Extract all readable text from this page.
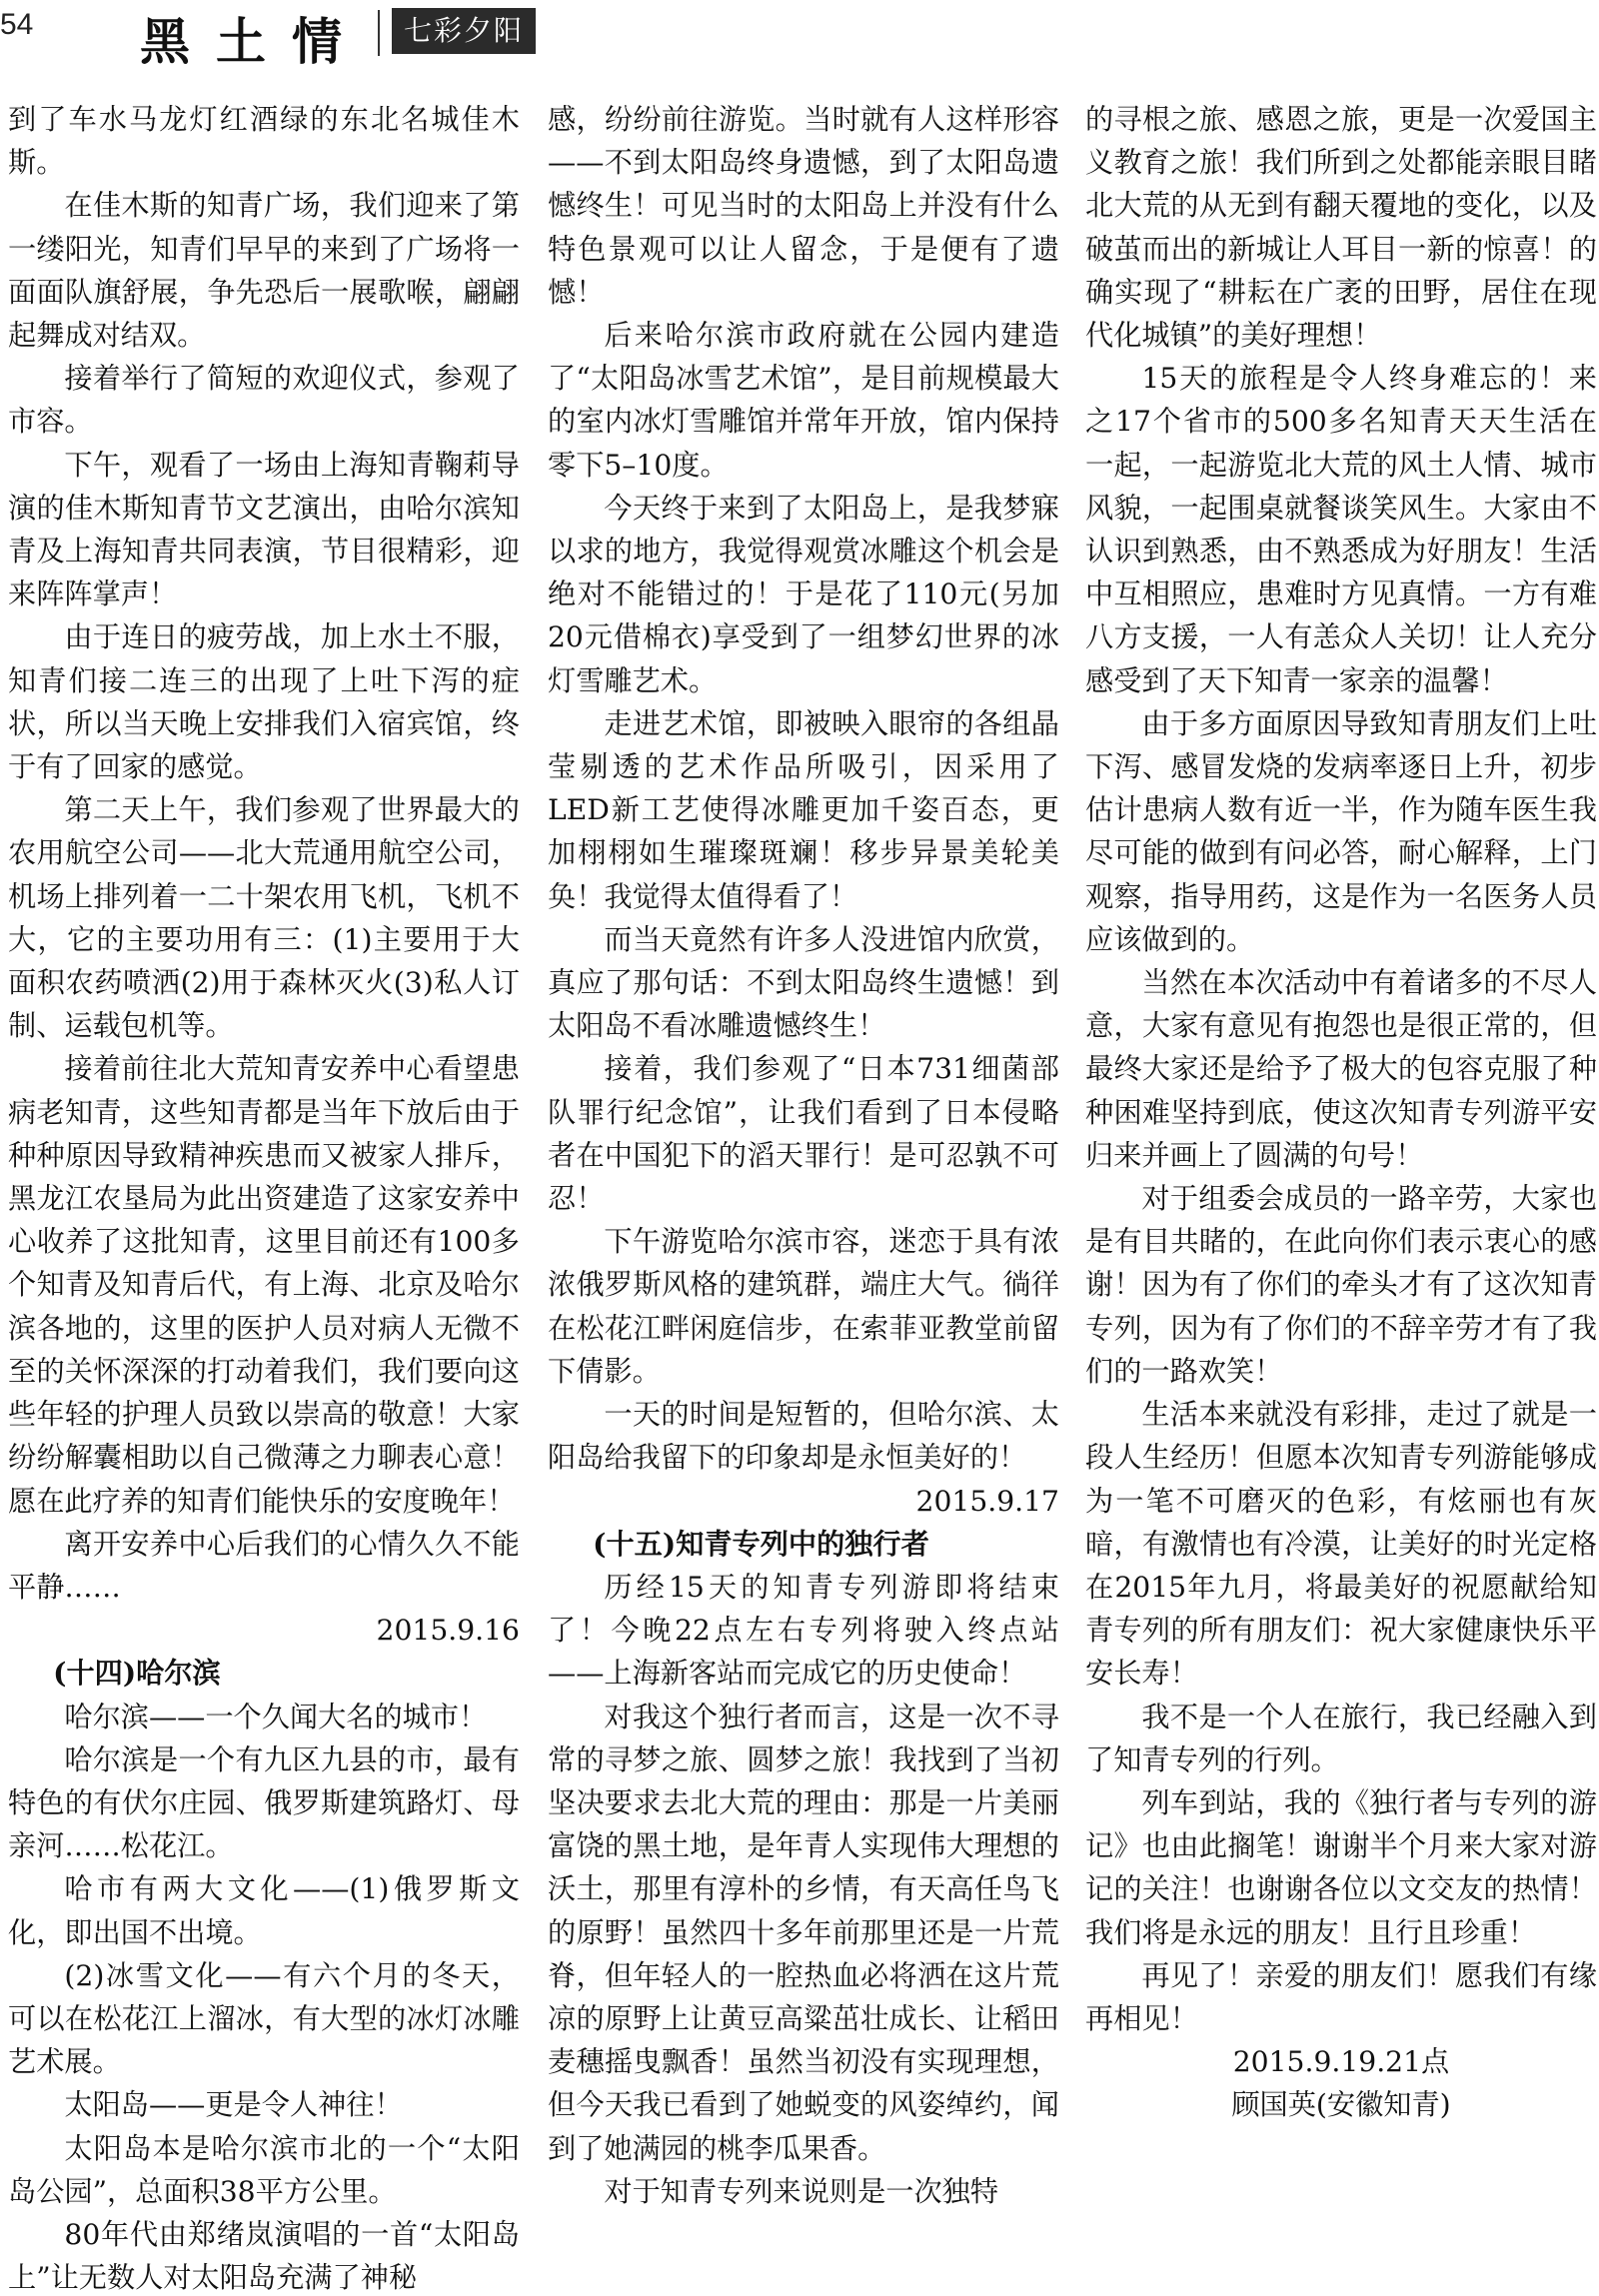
54 黑土情	七彩夕阳

到了车水马龙灯红酒绿的东北名城佳木斯。

在佳木斯的知青广场，我们迎来了第一缕阳光，知青们早早的来到了广场将一面面队旗舒展，争先恐后一展歌喉，翩翩起舞成对结双。

接着举行了简短的欢迎仪式，参观了市容。

下午，观看了一场由上海知青鞠莉导演的佳木斯知青节文艺演出，由哈尔滨知青及上海知青共同表演，节目很精彩，迎来阵阵掌声！

由于连日的疲劳战，加上水土不服，知青们接二连三的出现了上吐下泻的症状，所以当天晚上安排我们入宿宾馆，终于有了回家的感觉。

第二天上午，我们参观了世界最大的农用航空公司——北大荒通用航空公司，机场上排列着一二十架农用飞机，飞机不大，它的主要功用有三：(1)主要用于大面积农药喷洒(2)用于森林灭火(3)私人订制、运载包机等。

接着前往北大荒知青安养中心看望患病老知青，这些知青都是当年下放后由于种种原因导致精神疾患而又被家人排斥，黑龙江农垦局为此出资建造了这家安养中心收养了这批知青，这里目前还有100多个知青及知青后代，有上海、北京及哈尔滨各地的，这里的医护人员对病人无微不至的关怀深深的打动着我们，我们要向这些年轻的护理人员致以崇高的敬意！大家纷纷解囊相助以自己微薄之力聊表心意！愿在此疗养的知青们能快乐的安度晚年！

离开安养中心后我们的心情久久不能平静……

2015.9.16

(十四)哈尔滨

哈尔滨——一个久闻大名的城市！

哈尔滨是一个有九区九县的市，最有特色的有伏尔庄园、俄罗斯建筑路灯、母亲河……松花江。

哈市有两大文化——(1)俄罗斯文化，即出国不出境。

(2)冰雪文化——有六个月的冬天，可以在松花江上溜冰，有大型的冰灯冰雕艺术展。

太阳岛——更是令人神往！

太阳岛本是哈尔滨市北的一个“太阳岛公园”，总面积38平方公里。

80年代由郑绪岚演唱的一首“太阳岛上”让无数人对太阳岛充满了神秘

感，纷纷前往游览。当时就有人这样形容——不到太阳岛终身遗憾，到了太阳岛遗憾终生！可见当时的太阳岛上并没有什么特色景观可以让人留念，于是便有了遗憾！

后来哈尔滨市政府就在公园内建造了“太阳岛冰雪艺术馆”，是目前规模最大的室内冰灯雪雕馆并常年开放，馆内保持零下5–10度。

今天终于来到了太阳岛上，是我梦寐以求的地方，我觉得观赏冰雕这个机会是绝对不能错过的！于是花了110元(另加20元借棉衣)享受到了一组梦幻世界的冰灯雪雕艺术。

走进艺术馆，即被映入眼帘的各组晶莹剔透的艺术作品所吸引，因采用了LED新工艺使得冰雕更加千姿百态，更加栩栩如生璀璨斑斓！移步异景美轮美奂！我觉得太值得看了！

而当天竟然有许多人没进馆内欣赏，真应了那句话：不到太阳岛终生遗憾！到太阳岛不看冰雕遗憾终生！

接着，我们参观了“日本731细菌部队罪行纪念馆”，让我们看到了日本侵略者在中国犯下的滔天罪行！是可忍孰不可忍！

下午游览哈尔滨市容，迷恋于具有浓浓俄罗斯风格的建筑群，端庄大气。徜徉在松花江畔闲庭信步，在索菲亚教堂前留下倩影。

一天的时间是短暂的，但哈尔滨、太阳岛给我留下的印象却是永恒美好的！

2015.9.17

(十五)知青专列中的独行者

历经15天的知青专列游即将结束了！今晚22点左右专列将驶入终点站——上海新客站而完成它的历史使命！

对我这个独行者而言，这是一次不寻常的寻梦之旅、圆梦之旅！我找到了当初坚决要求去北大荒的理由：那是一片美丽富饶的黑土地，是年青人实现伟大理想的沃土，那里有淳朴的乡情，有天高任鸟飞的原野！虽然四十多年前那里还是一片荒脊，但年轻人的一腔热血必将洒在这片荒凉的原野上让黄豆高粱茁壮成长、让稻田麦穗摇曳飘香！虽然当初没有实现理想，但今天我已看到了她蜕变的风姿绰约，闻到了她满园的桃李瓜果香。

对于知青专列来说则是一次独特

的寻根之旅、感恩之旅，更是一次爱国主义教育之旅！我们所到之处都能亲眼目睹北大荒的从无到有翻天覆地的变化，以及破茧而出的新城让人耳目一新的惊喜！的确实现了“耕耘在广袤的田野，居住在现代化城镇”的美好理想！

15天的旅程是令人终身难忘的！来之17个省市的500多名知青天天生活在一起，一起游览北大荒的风土人情、城市风貌，一起围桌就餐谈笑风生。大家由不认识到熟悉，由不熟悉成为好朋友！生活中互相照应，患难时方见真情。一方有难八方支援，一人有恙众人关切！让人充分感受到了天下知青一家亲的温馨！

由于多方面原因导致知青朋友们上吐下泻、感冒发烧的发病率逐日上升，初步估计患病人数有近一半，作为随车医生我尽可能的做到有问必答，耐心解释，上门观察，指导用药，这是作为一名医务人员应该做到的。

当然在本次活动中有着诸多的不尽人意，大家有意见有抱怨也是很正常的，但最终大家还是给予了极大的包容克服了种种困难坚持到底，使这次知青专列游平安归来并画上了圆满的句号！

对于组委会成员的一路辛劳，大家也是有目共睹的，在此向你们表示衷心的感谢！因为有了你们的牵头才有了这次知青专列，因为有了你们的不辞辛劳才有了我们的一路欢笑！

生活本来就没有彩排，走过了就是一段人生经历！但愿本次知青专列游能够成为一笔不可磨灭的色彩，有炫丽也有灰暗，有激情也有冷漠，让美好的时光定格在2015年九月，将最美好的祝愿献给知青专列的所有朋友们：祝大家健康快乐平安长寿！

我不是一个人在旅行，我已经融入到了知青专列的行列。

列车到站，我的《独行者与专列的游记》也由此搁笔！谢谢半个月来大家对游记的关注！也谢谢各位以文交友的热情！我们将是永远的朋友！且行且珍重！

再见了！亲爱的朋友们！愿我们有缘再相见！

2015.9.19.21点

顾国英(安徽知青)
